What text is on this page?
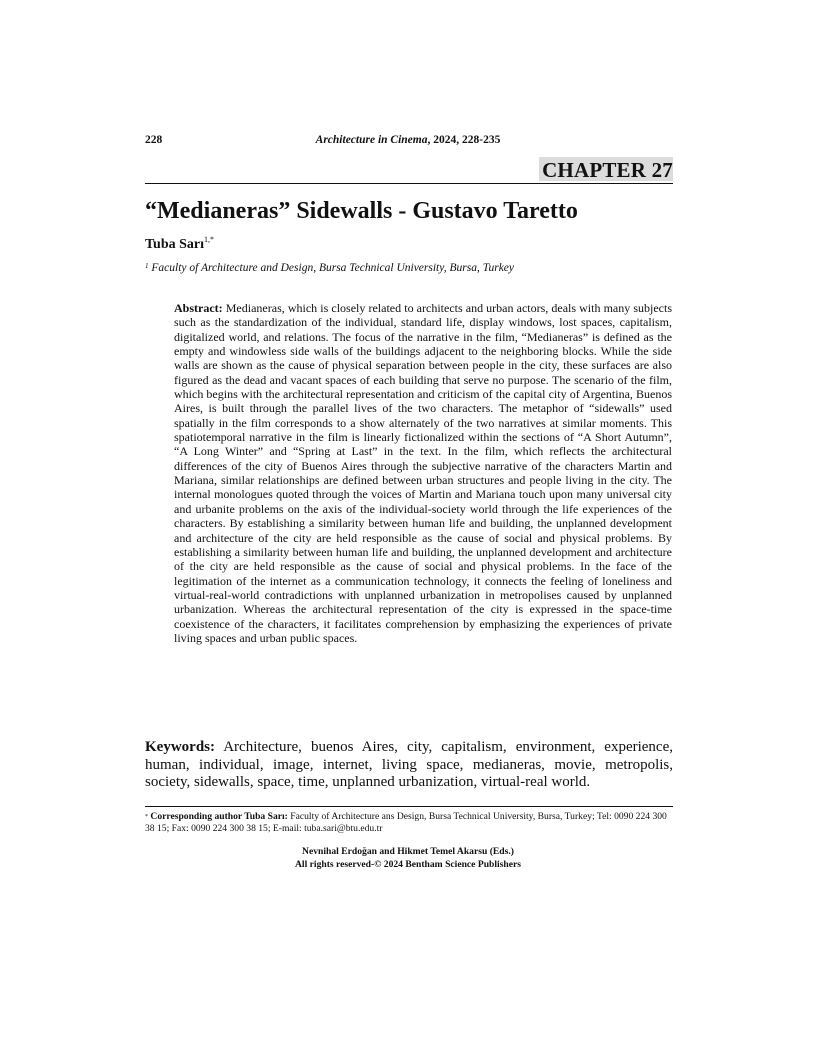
228	Architecture in Cinema, 2024, 228-235
CHAPTER 27
“Medianeras” Sidewalls - Gustavo Taretto
Tuba Sarı$^{1,*}$
$^1$ Faculty of Architecture and Design, Bursa Technical University, Bursa, Turkey

Abstract: Medianeras, which is closely related to architects and urban actors, deals with many subjects such as the standardization of the individual, standard life, display windows, lost spaces, capitalism, digitalized world, and relations. The focus of the narrative in the film, “Medianeras” is defined as the empty and windowless side walls of the buildings adjacent to the neighboring blocks. While the side walls are shown as the cause of physical separation between people in the city, these surfaces are also figured as the dead and vacant spaces of each building that serve no purpose. The scenario of the film, which begins with the architectural representation and criticism of the capital city of Argentina, Buenos Aires, is built through the parallel lives of the two characters. The metaphor of “sidewalls” used spatially in the film corresponds to a show alternately of the two narratives at similar moments. This spatiotemporal narrative in the film is linearly fictionalized within the sections of “A Short Autumn”, “A Long Winter” and “Spring at Last” in the text. In the film, which reflects the architectural differences of the city of Buenos Aires through the subjective narrative of the characters Martin and Mariana, similar relationships are defined between urban structures and people living in the city. The internal monologues quoted through the voices of Martin and Mariana touch upon many universal city and urbanite problems on the axis of the individual-society world through the life experiences of the characters. By establishing a similarity between human life and building, the unplanned development and architecture of the city are held responsible as the cause of social and physical problems. By establishing a similarity between human life and building, the unplanned development and architecture of the city are held responsible as the cause of social and physical problems. In the face of the legitimation of the internet as a communication technology, it connects the feeling of loneliness and virtual-real-world contradictions with unplanned urbanization in metropolises caused by unplanned urbanization. Whereas the architectural representation of the city is expressed in the space-time coexistence of the characters, it facilitates comprehension by emphasizing the experiences of private living spaces and urban public spaces.

Keywords: Architecture, buenos Aires, city, capitalism, environment, experience, human, individual, image, internet, living space, medianeras, movie, metropolis, society, sidewalls, space, time, unplanned urbanization, virtual-real world.

* Corresponding author Tuba Sarı: Faculty of Architecture ans Design, Bursa Technical University, Bursa, Turkey; Tel: 0090 224 300 38 15; Fax: 0090 224 300 38 15; E-mail: tuba.sari@btu.edu.tr

Nevnihal Erdoğan and Hikmet Temel Akarsu (Eds.)
All rights reserved-© 2024 Bentham Science Publishers
